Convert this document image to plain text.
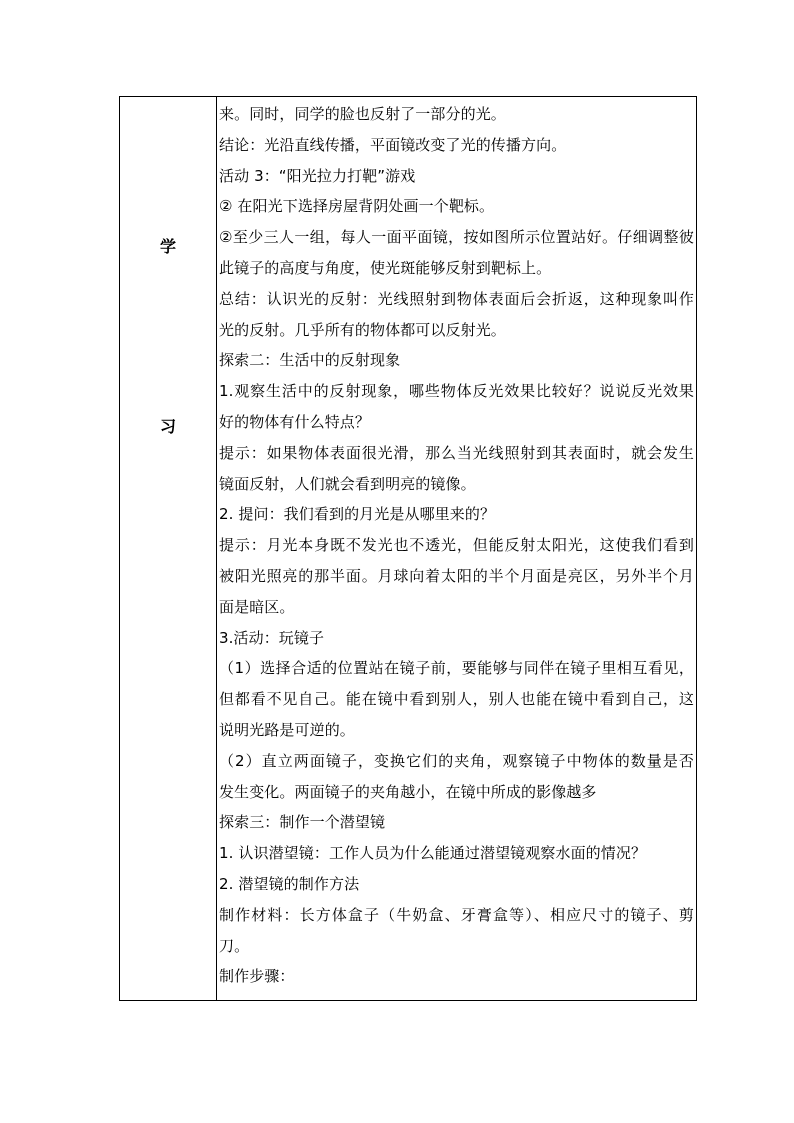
学
习
来。同时，同学的脸也反射了一部分的光。
结论：光沿直线传播，平面镜改变了光的传播方向。
活动 3：“阳光拉力打靶”游戏
② 在阳光下选择房屋背阴处画一个靶标。
②至少三人一组，每人一面平面镜，按如图所示位置站好。仔细调整彼
此镜子的高度与角度，使光斑能够反射到靶标上。
总结：认识光的反射：光线照射到物体表面后会折返，这种现象叫作
光的反射。几乎所有的物体都可以反射光。
探索二：生活中的反射现象
1.观察生活中的反射现象，哪些物体反光效果比较好？说说反光效果
好的物体有什么特点？
提示：如果物体表面很光滑，那么当光线照射到其表面时，就会发生
镜面反射，人们就会看到明亮的镜像。
2. 提问：我们看到的月光是从哪里来的？
提示：月光本身既不发光也不透光，但能反射太阳光，这使我们看到
被阳光照亮的那半面。月球向着太阳的半个月面是亮区，另外半个月
面是暗区。
3.活动：玩镜子
（1）选择合适的位置站在镜子前，要能够与同伴在镜子里相互看见，
但都看不见自己。能在镜中看到别人，别人也能在镜中看到自己，这
说明光路是可逆的。
（2）直立两面镜子，变换它们的夹角，观察镜子中物体的数量是否
发生变化。两面镜子的夹角越小，在镜中所成的影像越多
探索三：制作一个潜望镜
1. 认识潜望镜：工作人员为什么能通过潜望镜观察水面的情况？
2. 潜望镜的制作方法
制作材料：长方体盒子（牛奶盒、牙膏盒等）、相应尺寸的镜子、剪
刀。
制作步骤：
